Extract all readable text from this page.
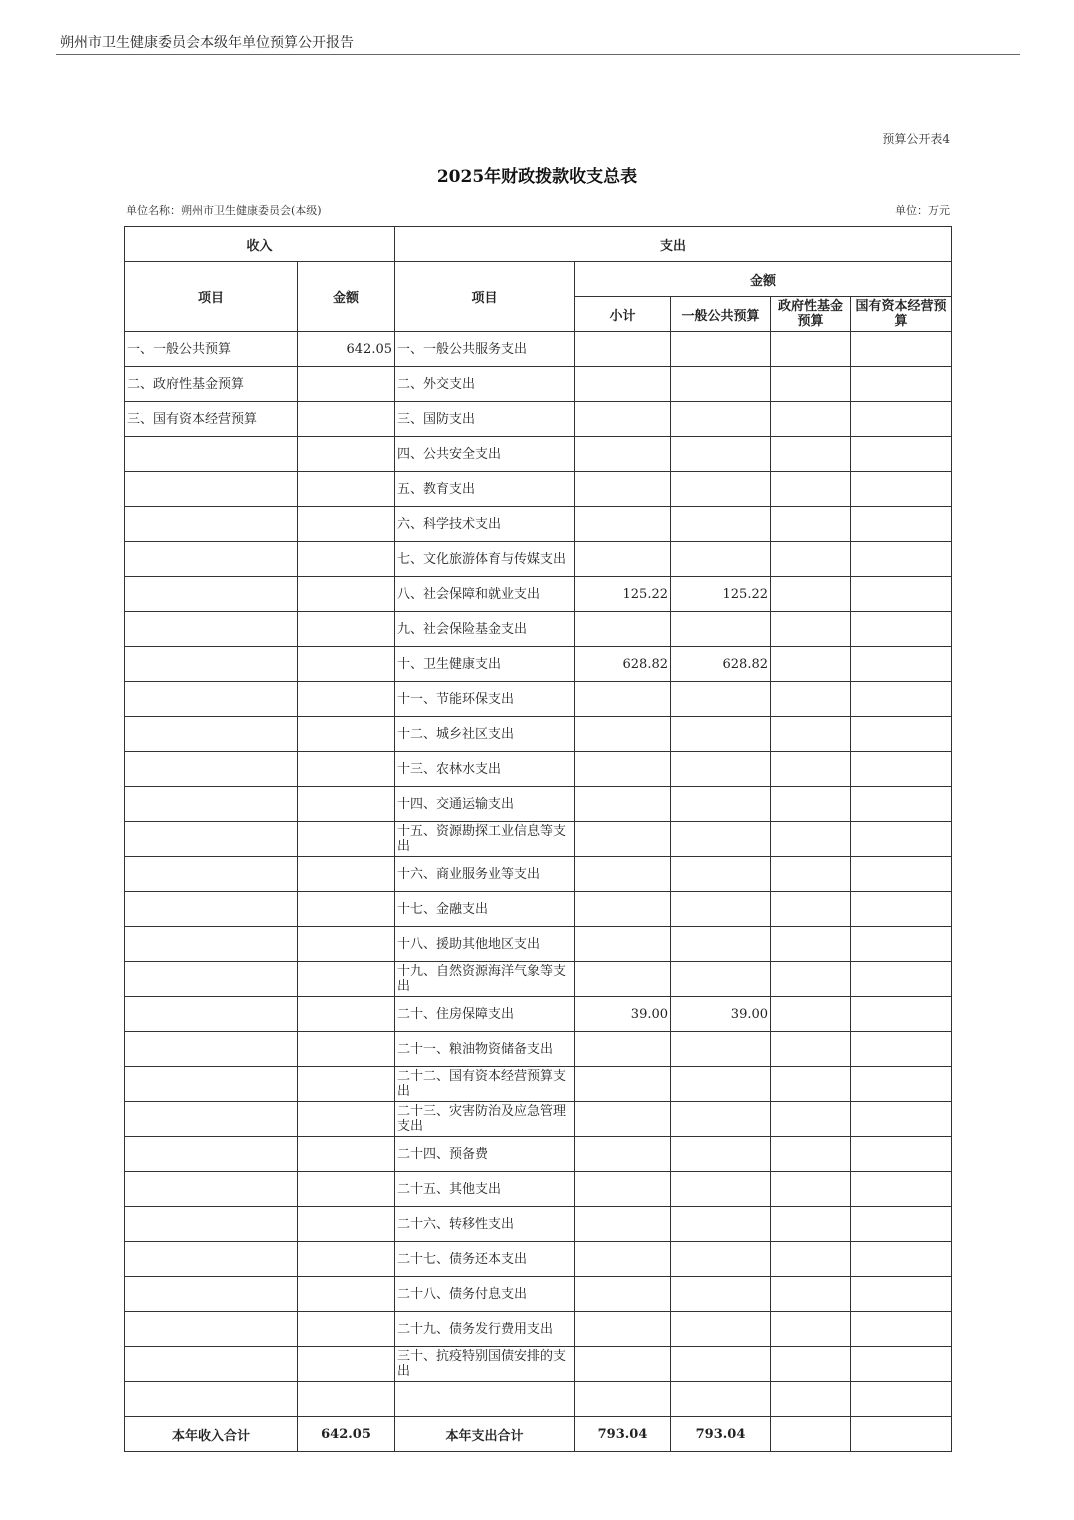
朔州市卫生健康委员会本级年单位预算公开报告
预算公开表4
2025年财政拨款收支总表
单位名称：朔州市卫生健康委员会(本级)	单位：万元
收入		支出				
项目	金额	项目	金额			
			小计	一般公共预算	政府性基金预算	国有资本经营预算
一、一般公共预算	642.05	一、一般公共服务支出				
二、政府性基金预算		二、外交支出				
三、国有资本经营预算		三、国防支出				
		四、公共安全支出				
		五、教育支出				
		六、科学技术支出				
		七、文化旅游体育与传媒支出				
		八、社会保障和就业支出	125.22	125.22		
		九、社会保险基金支出				
		十、卫生健康支出	628.82	628.82		
		十一、节能环保支出				
		十二、城乡社区支出				
		十三、农林水支出				
		十四、交通运输支出				
		十五、资源勘探工业信息等支出				
		十六、商业服务业等支出				
		十七、金融支出				
		十八、援助其他地区支出				
		十九、自然资源海洋气象等支出				
		二十、住房保障支出	39.00	39.00		
		二十一、粮油物资储备支出				
		二十二、国有资本经营预算支出				
		二十三、灾害防治及应急管理支出				
		二十四、预备费				
		二十五、其他支出				
		二十六、转移性支出				
		二十七、债务还本支出				
		二十八、债务付息支出				
		二十九、债务发行费用支出				
		三十、抗疫特别国债安排的支出				

本年收入合计	642.05	本年支出合计	793.04	793.04		
